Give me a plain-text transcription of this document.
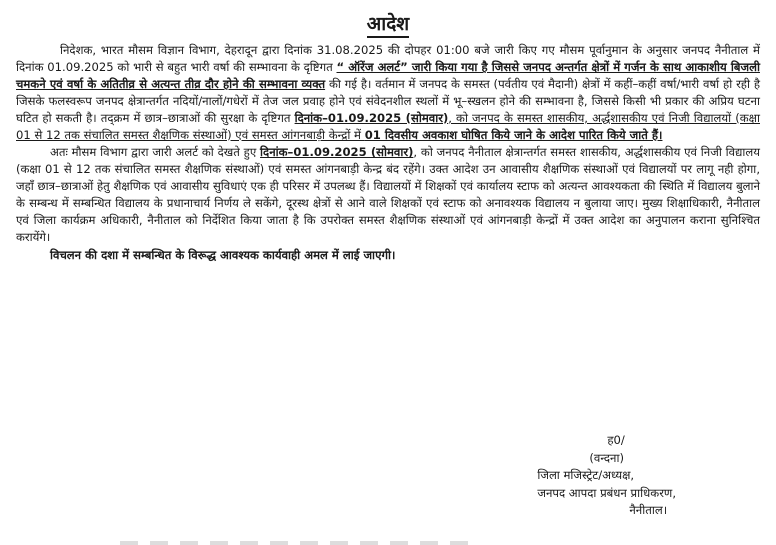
आदेश

निदेशक, भारत मौसम विज्ञान विभाग, देहरादून द्वारा दिनांक 31.08.2025 की दोपहर 01:00 बजे जारी किए गए मौसम पूर्वानुमान के अनुसार जनपद नैनीताल में दिनांक 01.09.2025 को भारी से बहुत भारी वर्षा की सम्भावना के दृष्टिगत “ ऑरेंज अलर्ट” जारी किया गया है जिससे जनपद अन्तर्गत क्षेत्रों में गर्जन के साथ आकाशीय बिजली चमकने एवं वर्षा के अतितीव्र से अत्यन्त तीव्र दौर होने की सम्भावना व्यक्त की गई है। वर्तमान में जनपद के समस्त (पर्वतीय एवं मैदानी) क्षेत्रों में कहीं–कहीं वर्षा/भारी वर्षा हो रही है जिसके फलस्वरूप जनपद क्षेत्रान्तर्गत नदियों/नालों/गधेरों में तेज जल प्रवाह होने एवं संवेदनशील स्थलों में भू–स्खलन होने की सम्भावना है, जिससे किसी भी प्रकार की अप्रिय घटना घटित हो सकती है। तद्क्रम में छात्र–छात्राओं की सुरक्षा के दृष्टिगत दिनांक–01.09.2025 (सोमवार), को जनपद के समस्त शासकीय, अर्द्धशासकीय एवं निजी विद्यालयों (कक्षा 01 से 12 तक संचालित समस्त शैक्षणिक संस्थाओं) एवं समस्त आंगनबाड़ी केन्द्रों में 01 दिवसीय अवकाश घोषित किये जाने के आदेश पारित किये जाते हैं।

अतः मौसम विभाग द्वारा जारी अलर्ट को देखते हुए दिनांक–01.09.2025 (सोमवार), को जनपद नैनीताल क्षेत्रान्तर्गत समस्त शासकीय, अर्द्धशासकीय एवं निजी विद्यालय (कक्षा 01 से 12 तक संचालित समस्त शैक्षणिक संस्थाओं) एवं समस्त आंगनबाड़ी केन्द्र बंद रहेंगे। उक्त आदेश उन आवासीय शैक्षणिक संस्थाओं एवं विद्यालयों पर लागू नही होगा, जहाँ छात्र–छात्राओं हेतु शैक्षणिक एवं आवासीय सुविधाएं एक ही परिसर में उपलब्ध हैं। विद्यालयों में शिक्षकों एवं कार्यालय स्टाफ को अत्यन्त आवश्यकता की स्थिति में विद्यालय बुलाने के सम्बन्ध में सम्बन्धित विद्यालय के प्रधानाचार्य निर्णय ले सकेंगे, दूरस्थ क्षेत्रों से आने वाले शिक्षकों एवं स्टाफ को अनावश्यक विद्यालय न बुलाया जाए। मुख्य शिक्षाधिकारी, नैनीताल एवं जिला कार्यक्रम अधिकारी, नैनीताल को निर्देशित किया जाता है कि उपरोक्त समस्त शैक्षणिक संस्थाओं एवं आंगनबाड़ी केन्द्रों में उक्त आदेश का अनुपालन कराना सुनिश्चित करायेंगे।

विचलन की दशा में सम्बन्धित के विरूद्ध आवश्यक कार्यवाही अमल में लाई जाएगी।

ह0/
(वन्दना)
जिला मजिस्ट्रेट/अध्यक्ष,
जनपद आपदा प्रबंधन प्राधिकरण,
नैनीताल।
